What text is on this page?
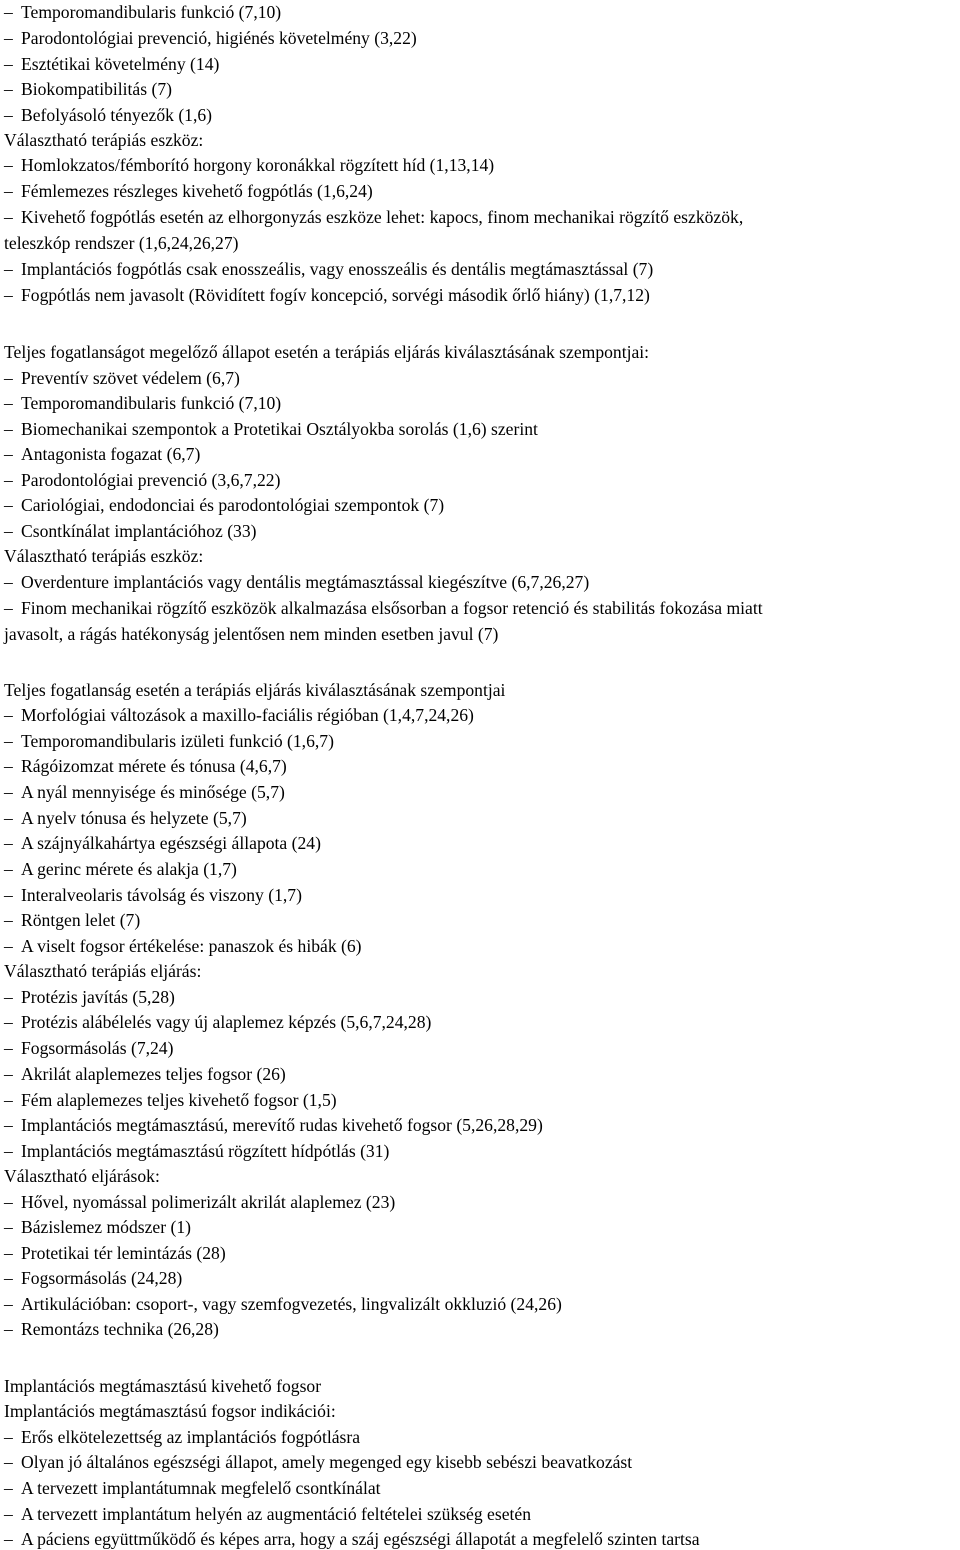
– Temporomandibularis funkció (7,10)
– Parodontológiai prevenció, higiénés követelmény (3,22)
– Esztétikai követelmény (14)
– Biokompatibilitás (7)
– Befolyásoló tényezők (1,6)
Választható terápiás eszköz:
– Homlokzatos/fémborító horgony koronákkal rögzített híd (1,13,14)
– Fémlemezes részleges kivehető fogpótlás (1,6,24)
– Kivehető fogpótlás esetén az elhorgonyzás eszköze lehet: kapocs, finom mechanikai rögzítő eszközök,
teleszkóp rendszer (1,6,24,26,27)
– Implantációs fogpótlás csak enosszeális, vagy enosszeális és dentális megtámasztással (7)
– Fogpótlás nem javasolt (Rövidített fogív koncepció, sorvégi második őrlő hiány) (1,7,12)
Teljes fogatlanságot megelőző állapot esetén a terápiás eljárás kiválasztásának szempontjai:
– Preventív szövet védelem (6,7)
– Temporomandibularis funkció (7,10)
– Biomechanikai szempontok a Protetikai Osztályokba sorolás (1,6) szerint
– Antagonista fogazat (6,7)
– Parodontológiai prevenció (3,6,7,22)
– Cariológiai, endodonciai és parodontológiai szempontok (7)
– Csontkínálat implantációhoz (33)
Választható terápiás eszköz:
– Overdenture implantációs vagy dentális megtámasztással kiegészítve (6,7,26,27)
– Finom mechanikai rögzítő eszközök alkalmazása elsősorban a fogsor retenció és stabilitás fokozása miatt
javasolt, a rágás hatékonyság jelentősen nem minden esetben javul (7)
Teljes fogatlanság esetén a terápiás eljárás kiválasztásának szempontjai
– Morfológiai változások a maxillo-faciális régióban (1,4,7,24,26)
– Temporomandibularis izületi funkció (1,6,7)
– Rágóizomzat mérete és tónusa (4,6,7)
– A nyál mennyisége és minősége (5,7)
– A nyelv tónusa és helyzete (5,7)
– A szájnyálkahártya egészségi állapota (24)
– A gerinc mérete és alakja (1,7)
– Interalveolaris távolság és viszony (1,7)
– Röntgen lelet (7)
– A viselt fogsor értékelése: panaszok és hibák (6)
Választható terápiás eljárás:
– Protézis javítás (5,28)
– Protézis alábélelés vagy új alaplemez képzés (5,6,7,24,28)
– Fogsormásolás (7,24)
– Akrilát alaplemezes teljes fogsor (26)
– Fém alaplemezes teljes kivehető fogsor (1,5)
– Implantációs megtámasztású, merevítő rudas kivehető fogsor (5,26,28,29)
– Implantációs megtámasztású rögzített hídpótlás (31)
Választható eljárások:
– Hővel, nyomással polimerizált akrilát alaplemez (23)
– Bázislemez módszer (1)
– Protetikai tér lemintázás (28)
– Fogsormásolás (24,28)
– Artikulációban: csoport-, vagy szemfogvezetés, lingvalizált okkluzió (24,26)
– Remontázs technika (26,28)
Implantációs megtámasztású kivehető fogsor
Implantációs megtámasztású fogsor indikációi:
– Erős elkötelezettség az implantációs fogpótlásra
– Olyan jó általános egészségi állapot, amely megenged egy kisebb sebészi beavatkozást
– A tervezett implantátumnak megfelelő csontkínálat
– A tervezett implantátum helyén az augmentáció feltételei szükség esetén
– A páciens együttműködő és képes arra, hogy a száj egészségi állapotát a megfelelő szinten tartsa
